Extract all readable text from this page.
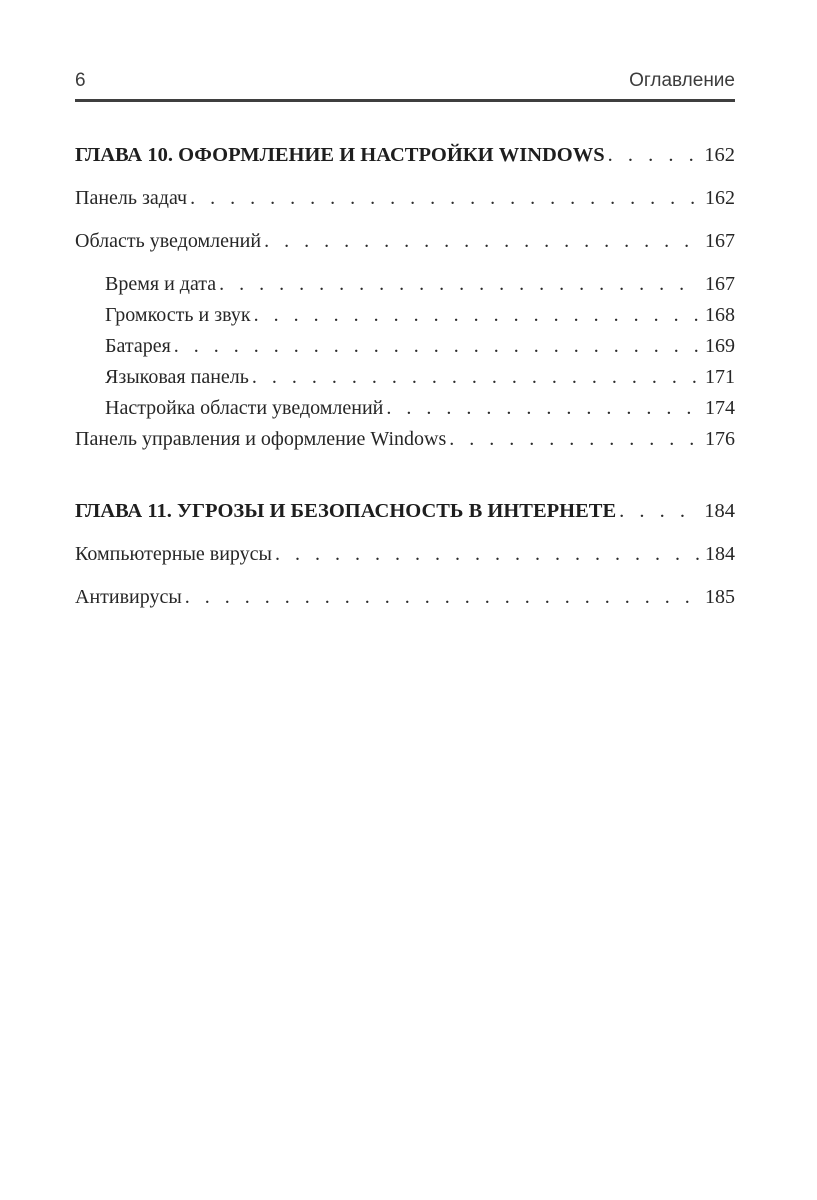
6	Оглавление
ГЛАВА 10. ОФОРМЛЕНИЕ И НАСТРОЙКИ WINDOWS . . .	162
Панель задач . . .	162
Область уведомлений . . .	167
Время и дата . . .	167
Громкость и звук . . .	168
Батарея . . .	169
Языковая панель . . .	171
Настройка области уведомлений . . .	174
Панель управления и оформление Windows . . .	176
ГЛАВА 11. УГРОЗЫ И БЕЗОПАСНОСТЬ В ИНТЕРНЕТЕ . . .	184
Компьютерные вирусы . . .	184
Антивирусы . . .	185
